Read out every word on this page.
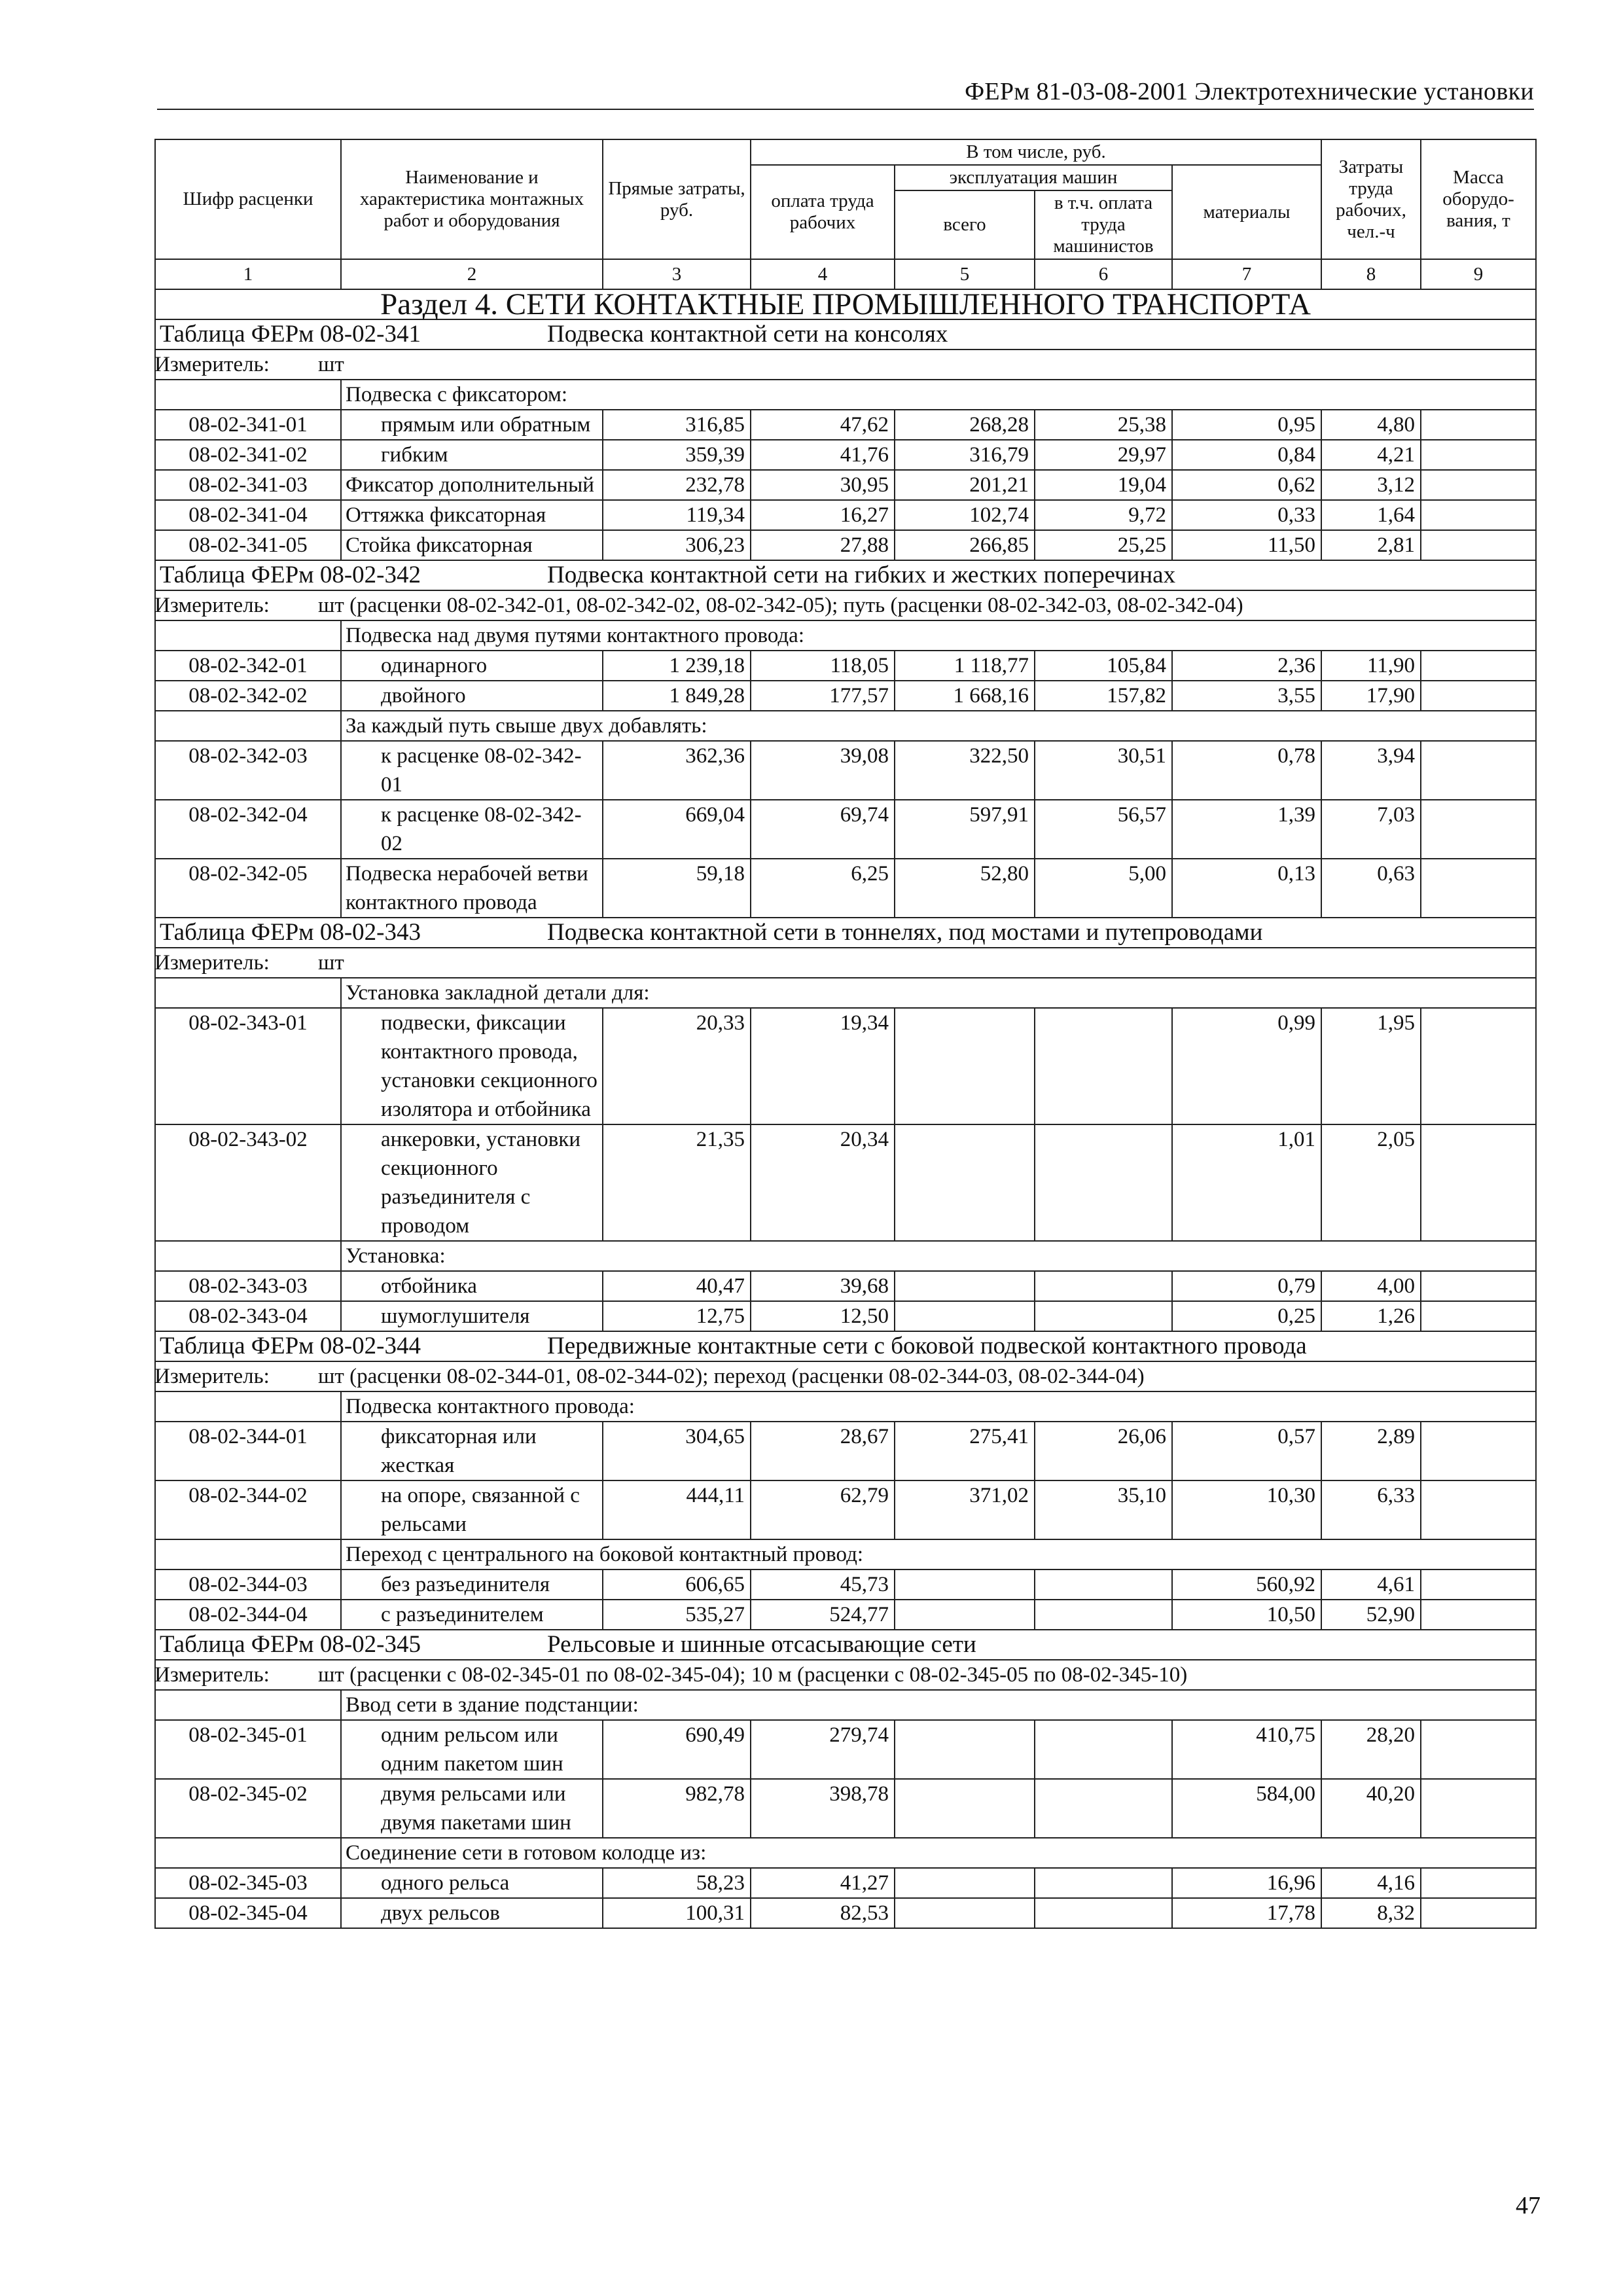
ФЕРм 81-03-08-2001 Электротехнические установки
Шифр расценки	Наименование и характеристика монтажных работ и оборудования	Прямые затраты, руб.	В том числе, руб.				Затраты труда рабочих, чел.-ч	Масса оборудо-вания, т
			оплата труда рабочих	эксплуатация машин		материалы		
				всего	в т.ч. оплата труда машинистов			
1	2	3	4	5	6	7	8	9
Раздел 4. СЕТИ КОНТАКТНЫЕ ПРОМЫШЛЕННОГО ТРАНСПОРТА								
Таблица ФЕРм 08-02-341 Подвеска контактной сети на консолях								
Измеритель: шт								
	Подвеска с фиксатором:							
08-02-341-01	прямым или обратным	316,85	47,62	268,28	25,38	0,95	4,80	
08-02-341-02	гибким	359,39	41,76	316,79	29,97	0,84	4,21	
08-02-341-03	Фиксатор дополнительный	232,78	30,95	201,21	19,04	0,62	3,12	
08-02-341-04	Оттяжка фиксаторная	119,34	16,27	102,74	9,72	0,33	1,64	
08-02-341-05	Стойка фиксаторная	306,23	27,88	266,85	25,25	11,50	2,81	
Таблица ФЕРм 08-02-342 Подвеска контактной сети на гибких и жестких поперечинах								
Измеритель: шт (расценки 08-02-342-01, 08-02-342-02, 08-02-342-05); путь (расценки 08-02-342-03, 08-02-342-04)								
	Подвеска над двумя путями контактного провода:							
08-02-342-01	одинарного	1 239,18	118,05	1 118,77	105,84	2,36	11,90	
08-02-342-02	двойного	1 849,28	177,57	1 668,16	157,82	3,55	17,90	
	За каждый путь свыше двух добавлять:							
08-02-342-03	к расценке 08-02-342-01	362,36	39,08	322,50	30,51	0,78	3,94	
08-02-342-04	к расценке 08-02-342-02	669,04	69,74	597,91	56,57	1,39	7,03	
08-02-342-05	Подвеска нерабочей ветви контактного провода	59,18	6,25	52,80	5,00	0,13	0,63	
Таблица ФЕРм 08-02-343 Подвеска контактной сети в тоннелях, под мостами и путепроводами								
Измеритель: шт								
	Установка закладной детали для:							
08-02-343-01	подвески, фиксации контактного провода, установки секционного изолятора и отбойника	20,33	19,34			0,99	1,95	
08-02-343-02	анкеровки, установки секционного разъединителя с проводом	21,35	20,34			1,01	2,05	
	Установка:							
08-02-343-03	отбойника	40,47	39,68			0,79	4,00	
08-02-343-04	шумоглушителя	12,75	12,50			0,25	1,26	
Таблица ФЕРм 08-02-344 Передвижные контактные сети с боковой подвеской контактного провода								
Измеритель: шт (расценки 08-02-344-01, 08-02-344-02); переход (расценки 08-02-344-03, 08-02-344-04)								
	Подвеска контактного провода:							
08-02-344-01	фиксаторная или жесткая	304,65	28,67	275,41	26,06	0,57	2,89	
08-02-344-02	на опоре, связанной с рельсами	444,11	62,79	371,02	35,10	10,30	6,33	
	Переход с центрального на боковой контактный провод:							
08-02-344-03	без разъединителя	606,65	45,73			560,92	4,61	
08-02-344-04	с разъединителем	535,27	524,77			10,50	52,90	
Таблица ФЕРм 08-02-345 Рельсовые и шинные отсасывающие сети								
Измеритель: шт (расценки с 08-02-345-01 по 08-02-345-04); 10 м (расценки с 08-02-345-05 по 08-02-345-10)								
	Ввод сети в здание подстанции:							
08-02-345-01	одним рельсом или одним пакетом шин	690,49	279,74			410,75	28,20	
08-02-345-02	двумя рельсами или двумя пакетами шин	982,78	398,78			584,00	40,20	
	Соединение сети в готовом колодце из:							
08-02-345-03	одного рельса	58,23	41,27			16,96	4,16	
08-02-345-04	двух рельсов	100,31	82,53			17,78	8,32	
47
